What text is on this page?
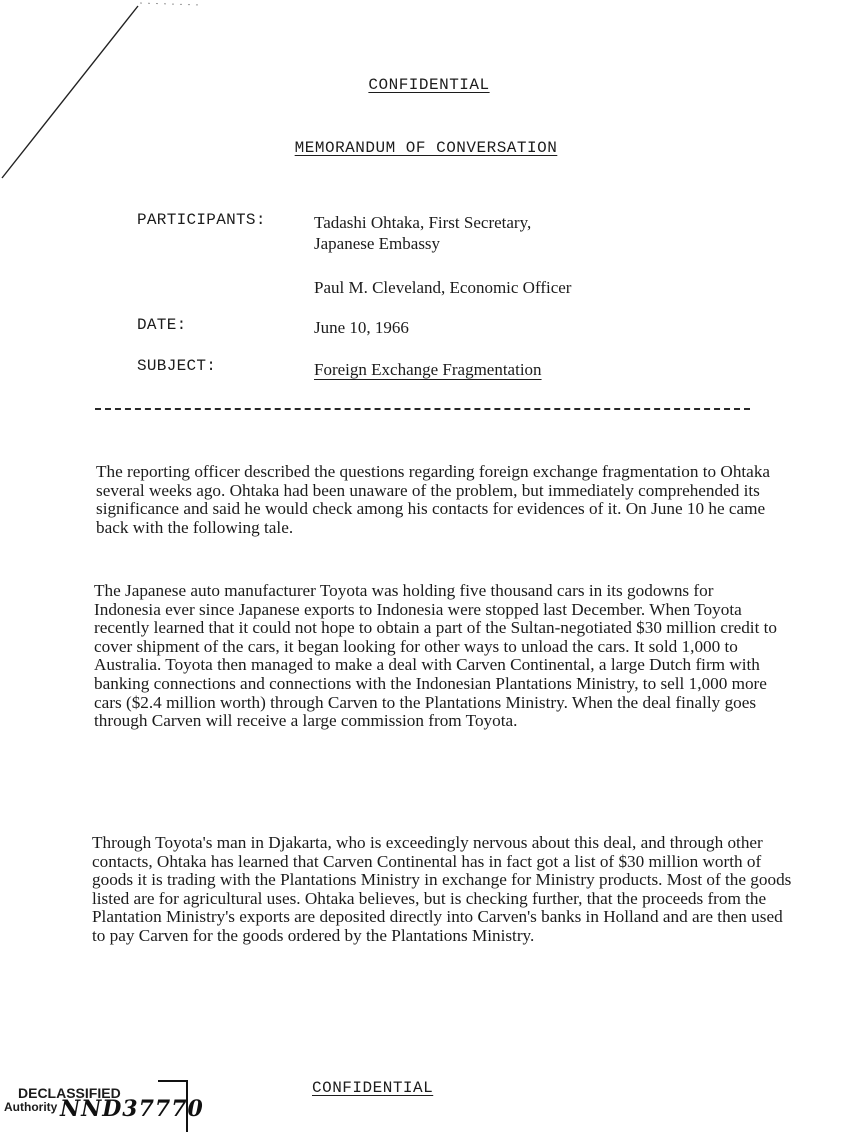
CONFIDENTIAL
MEMORANDUM OF CONVERSATION
PARTICIPANTS:	Tadashi Ohtaka, First Secretary,
Japanese Embassy
Paul M. Cleveland, Economic Officer
DATE:	June 10, 1966
SUBJECT:	Foreign Exchange Fragmentation

The reporting officer described the questions regarding foreign exchange fragmentation to Ohtaka several weeks ago. Ohtaka had been unaware of the problem, but immediately comprehended its significance and said he would check among his contacts for evidences of it. On June 10 he came back with the following tale.

The Japanese auto manufacturer Toyota was holding five thousand cars in its godowns for Indonesia ever since Japanese exports to Indonesia were stopped last December. When Toyota recently learned that it could not hope to obtain a part of the Sultan-negotiated $30 million credit to cover shipment of the cars, it began looking for other ways to unload the cars. It sold 1,000 to Australia. Toyota then managed to make a deal with Carven Continental, a large Dutch firm with banking connections and connections with the Indonesian Plantations Ministry, to sell 1,000 more cars ($2.4 million worth) through Carven to the Plantations Ministry. When the deal finally goes through Carven will receive a large commission from Toyota.

Through Toyota's man in Djakarta, who is exceedingly nervous about this deal, and through other contacts, Ohtaka has learned that Carven Continental has in fact got a list of $30 million worth of goods it is trading with the Plantations Ministry in exchange for Ministry products. Most of the goods listed are for agricultural uses. Ohtaka believes, but is checking further, that the proceeds from the Plantation Ministry's exports are deposited directly into Carven's banks in Holland and are then used to pay Carven for the goods ordered by the Plantations Ministry.

CONFIDENTIAL
DECLASSIFIED
Authority NND37770
